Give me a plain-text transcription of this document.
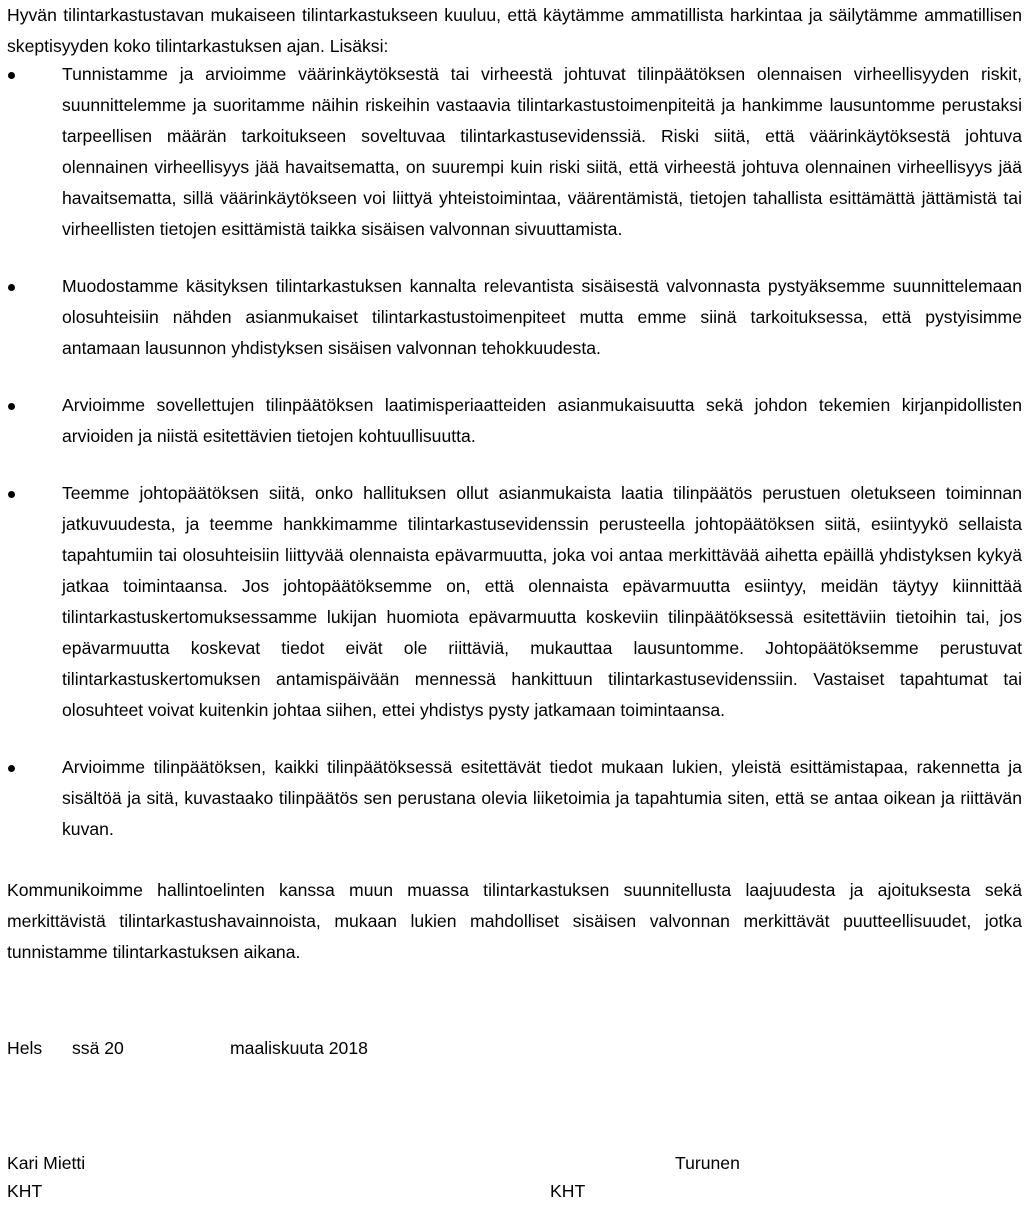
Hyvän tilintarkastustavan mukaiseen tilintarkastukseen kuuluu, että käytämme ammatillista harkintaa ja säilytämme ammatillisen skeptisyyden koko tilintarkastuksen ajan. Lisäksi:

Tunnistamme ja arvioimme väärinkäytöksestä tai virheestä johtuvat tilinpäätöksen olennaisen virheellisyyden riskit, suunnittelemme ja suoritamme näihin riskeihin vastaavia tilintarkastustoimenpiteitä ja hankimme lausuntomme perustaksi tarpeellisen määrän tarkoitukseen soveltuvaa tilintarkastusevidenssiä. Riski siitä, että väärinkäytöksestä johtuva olennainen virheellisyys jää havaitsematta, on suurempi kuin riski siitä, että virheestä johtuva olennainen virheellisyys jää havaitsematta, sillä väärinkäytökseen voi liittyä yhteistoimintaa, väärentämistä, tietojen tahallista esittämättä jättämistä tai virheellisten tietojen esittämistä taikka sisäisen valvonnan sivuuttamista.
Muodostamme käsityksen tilintarkastuksen kannalta relevantista sisäisestä valvonnasta pystyäksemme suunnittelemaan olosuhteisiin nähden asianmukaiset tilintarkastustoimenpiteet mutta emme siinä tarkoituksessa, että pystyisimme antamaan lausunnon yhdistyksen sisäisen valvonnan tehokkuudesta.
Arvioimme sovellettujen tilinpäätöksen laatimisperiaatteiden asianmukaisuutta sekä johdon tekemien kirjanpidollisten arvioiden ja niistä esitettävien tietojen kohtuullisuutta.
Teemme johtopäätöksen siitä, onko hallituksen ollut asianmukaista laatia tilinpäätös perustuen oletukseen toiminnan jatkuvuudesta, ja teemme hankkimamme tilintarkastusevidenssin perusteella johtopäätöksen siitä, esiintyykö sellaista tapahtumiin tai olosuhteisiin liittyvää olennaista epävarmuutta, joka voi antaa merkittävää aihetta epäillä yhdistyksen kykyä jatkaa toimintaansa. Jos johtopäätöksemme on, että olennaista epävarmuutta esiintyy, meidän täytyy kiinnittää tilintarkastuskertomuksessamme lukijan huomiota epävarmuutta koskeviin tilinpäätöksessä esitettäviin tietoihin tai, jos epävarmuutta koskevat tiedot eivät ole riittäviä, mukauttaa lausuntomme. Johtopäätöksemme perustuvat tilintarkastuskertomuksen antamispäivään mennessä hankittuun tilintarkastusevidenssiin. Vastaiset tapahtumat tai olosuhteet voivat kuitenkin johtaa siihen, ettei yhdistys pysty jatkamaan toimintaansa.
Arvioimme tilinpäätöksen, kaikki tilinpäätöksessä esitettävät tiedot mukaan lukien, yleistä esittämistapaa, rakennetta ja sisältöä ja sitä, kuvastaako tilinpäätös sen perustana olevia liiketoimia ja tapahtumia siten, että se antaa oikean ja riittävän kuvan.

Kommunikoimme hallintoelinten kanssa muun muassa tilintarkastuksen suunnitellusta laajuudesta ja ajoituksesta sekä merkittävistä tilintarkastushavainnoista, mukaan lukien mahdolliset sisäisen valvonnan merkittävät puutteellisuudet, jotka tunnistamme tilintarkastuksen aikana.

Hels ssä 20	maaliskuuta 2018
Kari Mietti
KHT
Turunen
KHT
